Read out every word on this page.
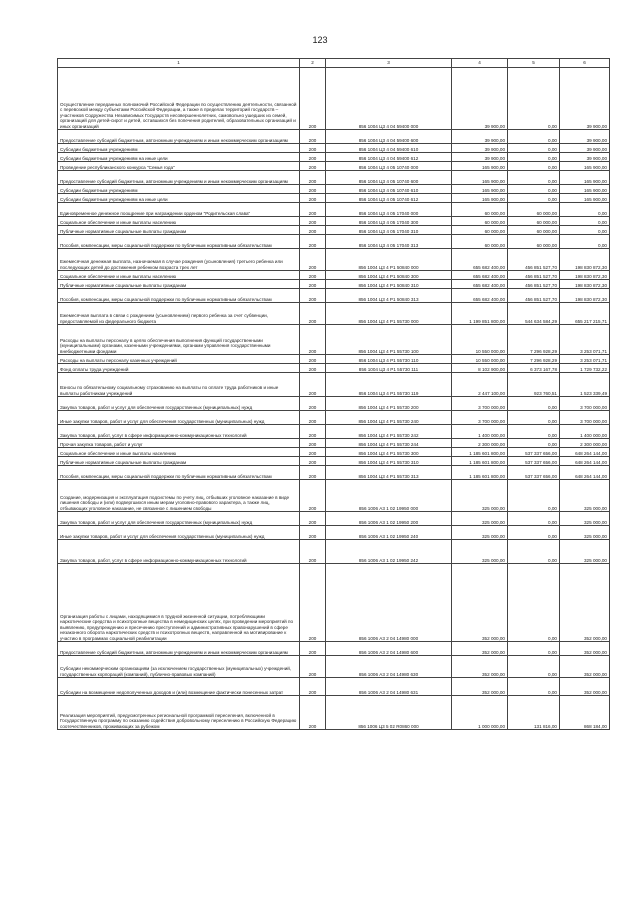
123
1	2	3	4	5	6
Осуществление переданных полномочий Российской Федерации по осуществлению деятельности, связанной с перевозкой между субъектами Российской Федерации, а также в пределах территорий государств – участников Содружества Независимых Государств несовершеннолетних, самовольно ушедших из семей, организаций для детей-сирот и детей, оставшихся без попечения родителей, образовательных организаций и иных организаций	200	856 1004 Ц3 4 04 59400 000	39 900,00	0,00	39 900,00
Предоставление субсидий бюджетным, автономным учреждениям и иным некоммерческим организациям	200	856 1004 Ц3 4 04 59400 600	39 900,00	0,00	39 900,00
Субсидии бюджетным учреждениям	200	856 1004 Ц3 4 04 59400 610	39 900,00	0,00	39 900,00
Субсидии бюджетным учреждениям на иные цели	200	856 1004 Ц3 4 04 59400 612	39 900,00	0,00	39 900,00
Проведение республиканского конкурса "Семья года"	200	856 1004 Ц3 4 05 10740 000	165 900,00	0,00	165 900,00
Предоставление субсидий бюджетным, автономным учреждениям и иным некоммерческим организациям	200	856 1004 Ц3 4 05 10740 600	165 900,00	0,00	165 900,00
Субсидии бюджетным учреждениям	200	856 1004 Ц3 4 05 10740 610	165 900,00	0,00	165 900,00
Субсидии бюджетным учреждениям на иные цели	200	856 1004 Ц3 4 05 10740 612	165 900,00	0,00	165 900,00
Единовременное денежное поощрение при награждении орденом "Родительская слава"	200	856 1004 Ц3 4 05 17040 000	60 000,00	60 000,00	0,00
Социальное обеспечение и иные выплаты населению	200	856 1004 Ц3 4 05 17040 300	60 000,00	60 000,00	0,00
Публичные нормативные социальные выплаты гражданам	200	856 1004 Ц3 4 05 17040 310	60 000,00	60 000,00	0,00
Пособия, компенсации, меры социальной поддержки по публичным нормативным обязательствам	200	856 1004 Ц3 4 05 17040 313	60 000,00	60 000,00	0,00
Ежемесячная денежная выплата, назначаемая в случае рождения (усыновления) третьего ребенка или последующих детей до достижения ребенком возраста трех лет	200	856 1004 Ц3 4 P1 50840 000	655 682 400,00	456 851 527,70	198 830 872,30
Социальное обеспечение и иные выплаты населению	200	856 1004 Ц3 4 P1 50840 300	655 682 400,00	456 851 527,70	198 830 872,30
Публичные нормативные социальные выплаты гражданам	200	856 1004 Ц3 4 P1 50840 310	655 682 400,00	456 851 527,70	198 830 872,30
Пособия, компенсации, меры социальной поддержки по публичным нормативным обязательствам	200	856 1004 Ц3 4 P1 50840 313	655 682 400,00	456 851 527,70	198 830 872,30
Ежемесячная выплата в связи с рождением (усыновлением) первого ребенка за счет субвенции, предоставляемой из федерального бюджета	200	856 1004 Ц3 4 P1 55730 000	1 199 851 800,00	544 634 584,29	655 217 215,71
Расходы на выплаты персоналу в целях обеспечения выполнения функций государственными (муниципальными) органами, казенными учреждениями, органами управления государственными внебюджетными фондами	200	856 1004 Ц3 4 P1 55730 100	10 550 000,00	7 296 928,29	3 253 071,71
Расходы на выплаты персоналу казенных учреждений	200	856 1004 Ц3 4 P1 55730 110	10 550 000,00	7 296 928,29	3 253 071,71
Фонд оплаты труда учреждений	200	856 1004 Ц3 4 P1 55730 111	8 102 900,00	6 373 167,78	1 729 732,22
Взносы по обязательному социальному страхованию на выплаты по оплате труда работников и иные выплаты работникам учреждений	200	856 1004 Ц3 4 P1 55730 119	2 447 100,00	923 760,51	1 523 339,49
Закупка товаров, работ и услуг для обеспечения государственных (муниципальных) нужд	200	856 1004 Ц3 4 P1 55730 200	3 700 000,00	0,00	3 700 000,00
Иные закупки товаров, работ и услуг для обеспечения государственных (муниципальных) нужд	200	856 1004 Ц3 4 P1 55730 240	3 700 000,00	0,00	3 700 000,00
Закупка товаров, работ, услуг в сфере информационно-коммуникационных технологий	200	856 1004 Ц3 4 P1 55730 242	1 400 000,00	0,00	1 400 000,00
Прочая закупка товаров, работ и услуг	200	856 1004 Ц3 4 P1 55730 244	2 300 000,00	0,00	2 300 000,00
Социальное обеспечение и иные выплаты населению	200	856 1004 Ц3 4 P1 55730 300	1 185 601 800,00	537 337 656,00	648 264 144,00
Публичные нормативные социальные выплаты гражданам	200	856 1004 Ц3 4 P1 55730 310	1 185 601 800,00	537 337 656,00	648 264 144,00
Пособия, компенсации, меры социальной поддержки по публичным нормативным обязательствам	200	856 1004 Ц3 4 P1 55730 313	1 185 601 800,00	537 337 656,00	648 264 144,00
Создание, модернизация и эксплуатация подсистемы по учету лиц, отбывших уголовное наказание в виде лишения свободы и (или) подвергшихся иным мерам уголовно-правового характера, а также лиц, отбывающих уголовное наказание, не связанное с лишением свободы	200	856 1006 А3 1 02 19950 000	325 000,00	0,00	325 000,00
Закупка товаров, работ и услуг для обеспечения государственных (муниципальных) нужд	200	856 1006 А3 1 02 19950 200	325 000,00	0,00	325 000,00
Иные закупки товаров, работ и услуг для обеспечения государственных (муниципальных) нужд	200	856 1006 А3 1 02 19950 240	325 000,00	0,00	325 000,00
Закупка товаров, работ, услуг в сфере информационно-коммуникационных технологий	200	856 1006 А3 1 02 19950 242	325 000,00	0,00	325 000,00
Организация работы с лицами, находящимися в трудной жизненной ситуации, потребляющими наркотические средства и психотропные вещества в немедицинских целях, при проведении мероприятий по выявлению, предупреждению и пресечению преступлений и административных правонарушений в сфере незаконного оборота наркотических средств и психотропных веществ, направленной на мотивирование к участию в программах социальной реабилитации	200	856 1006 А3 2 04 14980 000	352 000,00	0,00	352 000,00
Предоставление субсидий бюджетным, автономным учреждениям и иным некоммерческим организациям	200	856 1006 А3 2 04 14980 600	352 000,00	0,00	352 000,00
Субсидии некоммерческим организациям (за исключением государственных (муниципальных) учреждений, государственных корпораций (компаний), публично-правовых компаний)	200	856 1006 А3 2 04 14980 630	352 000,00	0,00	352 000,00
Субсидии на возмещение недополученных доходов и (или) возмещение фактически понесенных затрат	200	856 1006 А3 2 04 14980 631	352 000,00	0,00	352 000,00
Реализация мероприятий, предусмотренных региональной программой переселения, включенной в Государственную программу по оказанию содействия добровольному переселению в Российскую Федерацию соотечественников, проживающих за рубежом	200	856 1006 Ц3 5 02 R0860 000	1 000 000,00	131 816,00	868 184,00
